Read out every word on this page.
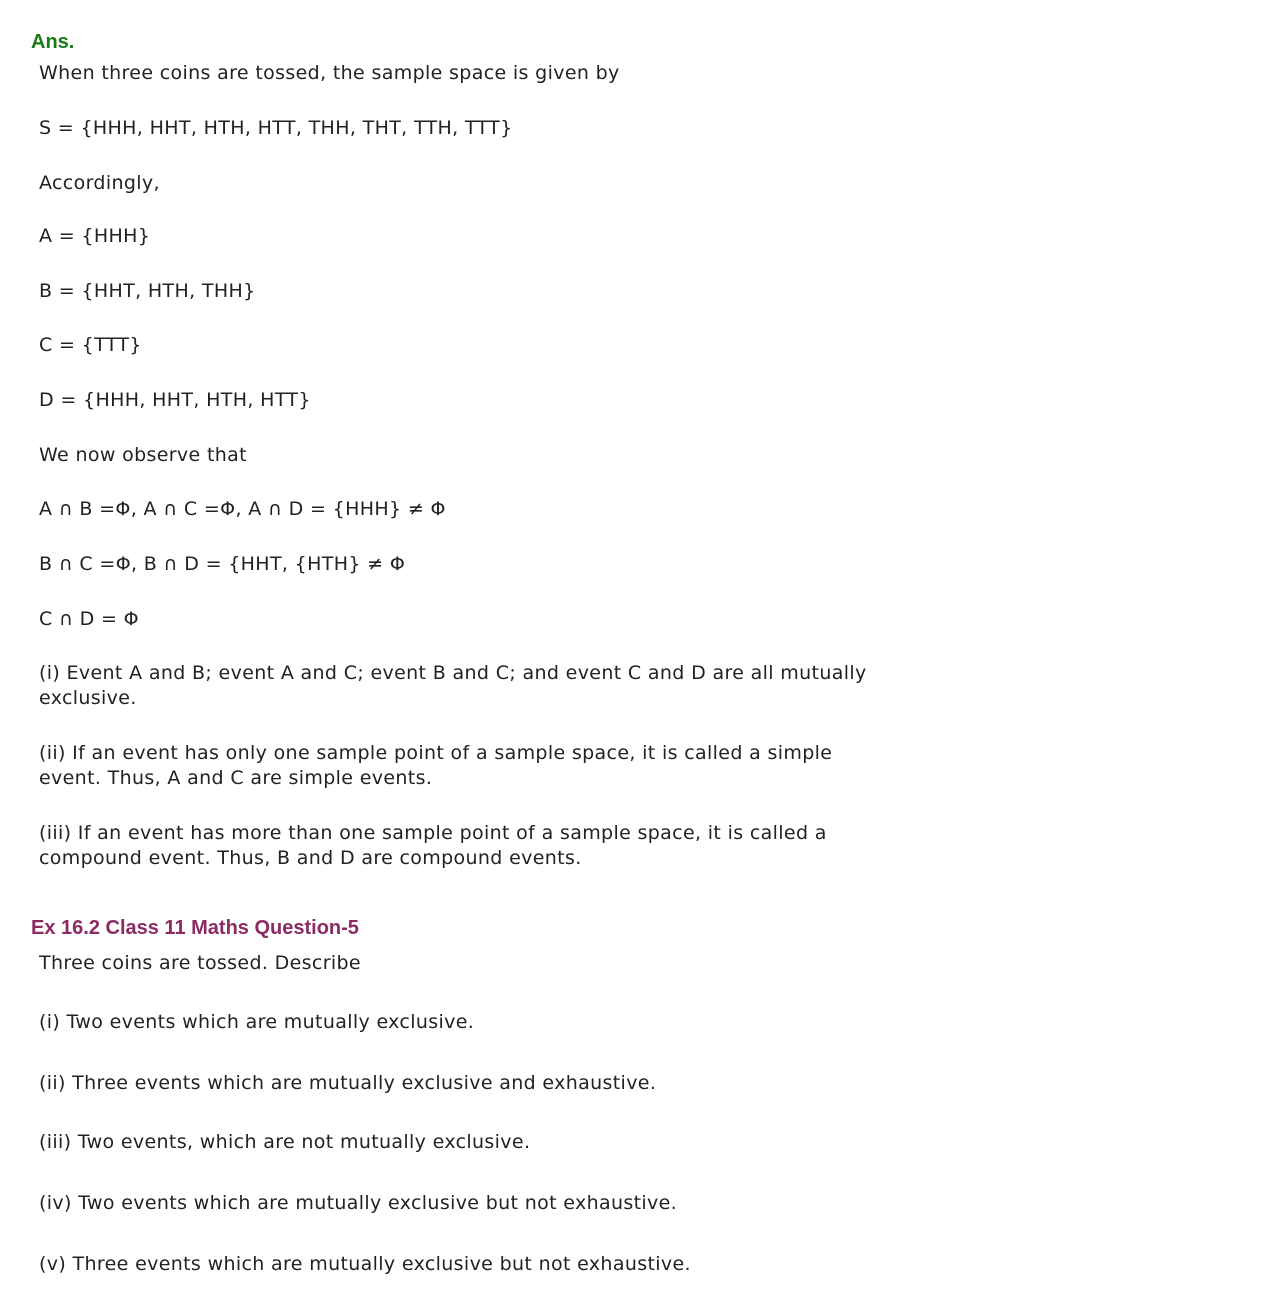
Ans.

When three coins are tossed, the sample space is given by

S = {HHH, HHT, HTH, HTT, THH, THT, TTH, TTT}

Accordingly,

A = {HHH}

B = {HHT, HTH, THH}

C = {TTT}

D = {HHH, HHT, HTH, HTT}

We now observe that

A ∩ B =Φ, A ∩ C =Φ, A ∩ D = {HHH} ≠ Φ

B ∩ C =Φ, B ∩ D = {HHT, {HTH} ≠ Φ

C ∩ D = Φ

(i) Event A and B; event A and C; event B and C; and event C and D are all mutually

exclusive.

(ii) If an event has only one sample point of a sample space, it is called a simple

event. Thus, A and C are simple events.

(iii) If an event has more than one sample point of a sample space, it is called a

compound event. Thus, B and D are compound events.

Ex 16.2 Class 11 Maths Question-5

Three coins are tossed. Describe

(i) Two events which are mutually exclusive.

(ii) Three events which are mutually exclusive and exhaustive.

(iii) Two events, which are not mutually exclusive.

(iv) Two events which are mutually exclusive but not exhaustive.

(v) Three events which are mutually exclusive but not exhaustive.
